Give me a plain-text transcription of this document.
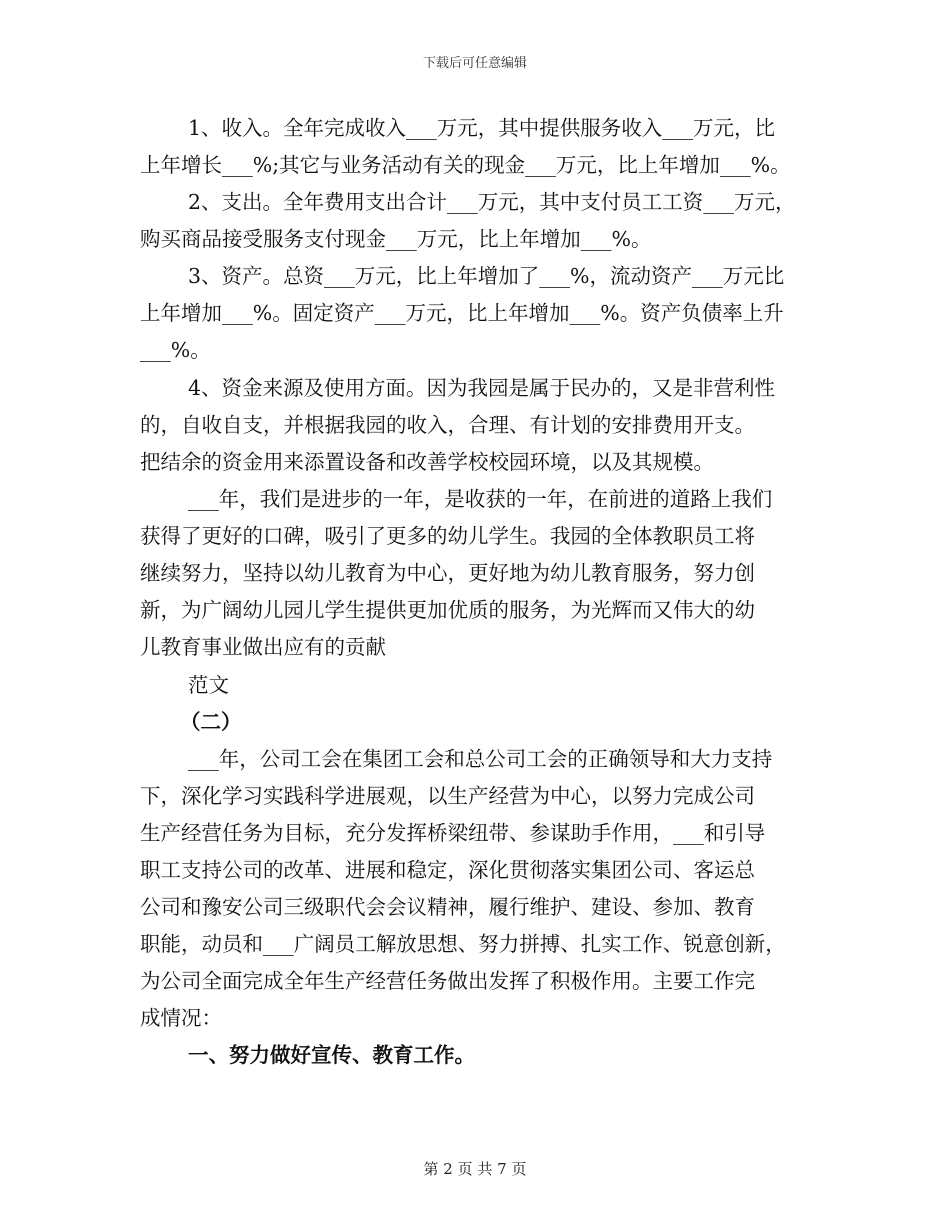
下载后可任意编辑
1、收入。全年完成收入___万元，其中提供服务收入___万元，比
上年增长___%;其它与业务活动有关的现金___万元，比上年增加___%。
2、支出。全年费用支出合计___万元，其中支付员工工资___万元，
购买商品接受服务支付现金___万元，比上年增加___%。
3、资产。总资___万元，比上年增加了___%，流动资产___万元比
上年增加___%。固定资产___万元，比上年增加___%。资产负债率上升
___%。
4、资金来源及使用方面。因为我园是属于民办的，又是非营利性
的，自收自支，并根据我园的收入，合理、有计划的安排费用开支。
把结余的资金用来添置设备和改善学校校园环境，以及其规模。
___年，我们是进步的一年，是收获的一年，在前进的道路上我们
获得了更好的口碑，吸引了更多的幼儿学生。我园的全体教职员工将
继续努力，坚持以幼儿教育为中心，更好地为幼儿教育服务，努力创
新，为广阔幼儿园儿学生提供更加优质的服务，为光辉而又伟大的幼
儿教育事业做出应有的贡献
范文
（二）
___年，公司工会在集团工会和总公司工会的正确领导和大力支持
下，深化学习实践科学进展观，以生产经营为中心，以努力完成公司
生产经营任务为目标，充分发挥桥梁纽带、参谋助手作用，___和引导
职工支持公司的改革、进展和稳定，深化贯彻落实集团公司、客运总
公司和豫安公司三级职代会会议精神，履行维护、建设、参加、教育
职能，动员和___广阔员工解放思想、努力拼搏、扎实工作、锐意创新，
为公司全面完成全年生产经营任务做出发挥了积极作用。主要工作完
成情况：
一、努力做好宣传、教育工作。
第 2 页 共 7 页
